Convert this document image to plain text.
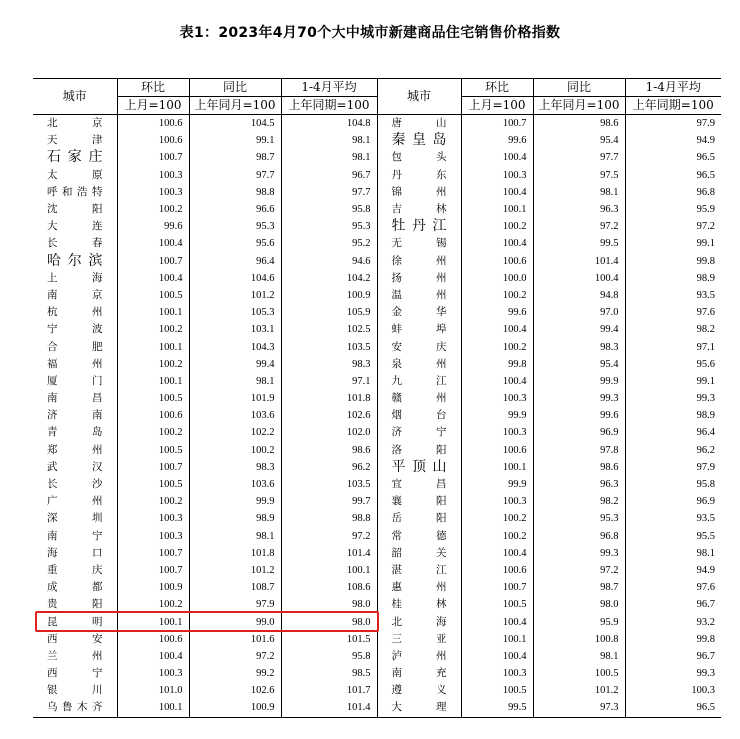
表1：2023年4月70个大中城市新建商品住宅销售价格指数
城市	环比	同比	1-4月平均	城市	环比	同比	1-4月平均
	上月=100	上年同月=100	上年同期=100		上月=100	上年同月=100	上年同期=100
北京	100.6	104.5	104.8	唐山	100.7	98.6	97.9
天津	100.6	99.1	98.1	秦皇岛	99.6	95.4	94.9
石家庄	100.7	98.7	98.1	包头	100.4	97.7	96.5
太原	100.3	97.7	96.7	丹东	100.3	97.5	96.5
呼和浩特	100.3	98.8	97.7	锦州	100.4	98.1	96.8
沈阳	100.2	96.6	95.8	吉林	100.1	96.3	95.9
大连	99.6	95.3	95.3	牡丹江	100.2	97.2	97.2
长春	100.4	95.6	95.2	无锡	100.4	99.5	99.1
哈尔滨	100.7	96.4	94.6	徐州	100.6	101.4	99.8
上海	100.4	104.6	104.2	扬州	100.0	100.4	98.9
南京	100.5	101.2	100.9	温州	100.2	94.8	93.5
杭州	100.1	105.3	105.9	金华	99.6	97.0	97.6
宁波	100.2	103.1	102.5	蚌埠	100.4	99.4	98.2
合肥	100.1	104.3	103.5	安庆	100.2	98.3	97.1
福州	100.2	99.4	98.3	泉州	99.8	95.4	95.6
厦门	100.1	98.1	97.1	九江	100.4	99.9	99.1
南昌	100.5	101.9	101.8	赣州	100.3	99.3	99.3
济南	100.6	103.6	102.6	烟台	99.9	99.6	98.9
青岛	100.2	102.2	102.0	济宁	100.3	96.9	96.4
郑州	100.5	100.2	98.6	洛阳	100.6	97.8	96.2
武汉	100.7	98.3	96.2	平顶山	100.1	98.6	97.9
长沙	100.5	103.6	103.5	宜昌	99.9	96.3	95.8
广州	100.2	99.9	99.7	襄阳	100.3	98.2	96.9
深圳	100.3	98.9	98.8	岳阳	100.2	95.3	93.5
南宁	100.3	98.1	97.2	常德	100.2	96.8	95.5
海口	100.7	101.8	101.4	韶关	100.4	99.3	98.1
重庆	100.7	101.2	100.1	湛江	100.6	97.2	94.9
成都	100.9	108.7	108.6	惠州	100.7	98.7	97.6
贵阳	100.2	97.9	98.0	桂林	100.5	98.0	96.7
昆明	100.1	99.0	98.0	北海	100.4	95.9	93.2
西安	100.6	101.6	101.5	三亚	100.1	100.8	99.8
兰州	100.4	97.2	95.8	泸州	100.4	98.1	96.7
西宁	100.3	99.2	98.5	南充	100.3	100.5	99.3
银川	101.0	102.6	101.7	遵义	100.5	101.2	100.3
乌鲁木齐	100.1	100.9	101.4	大理	99.5	97.3	96.5
